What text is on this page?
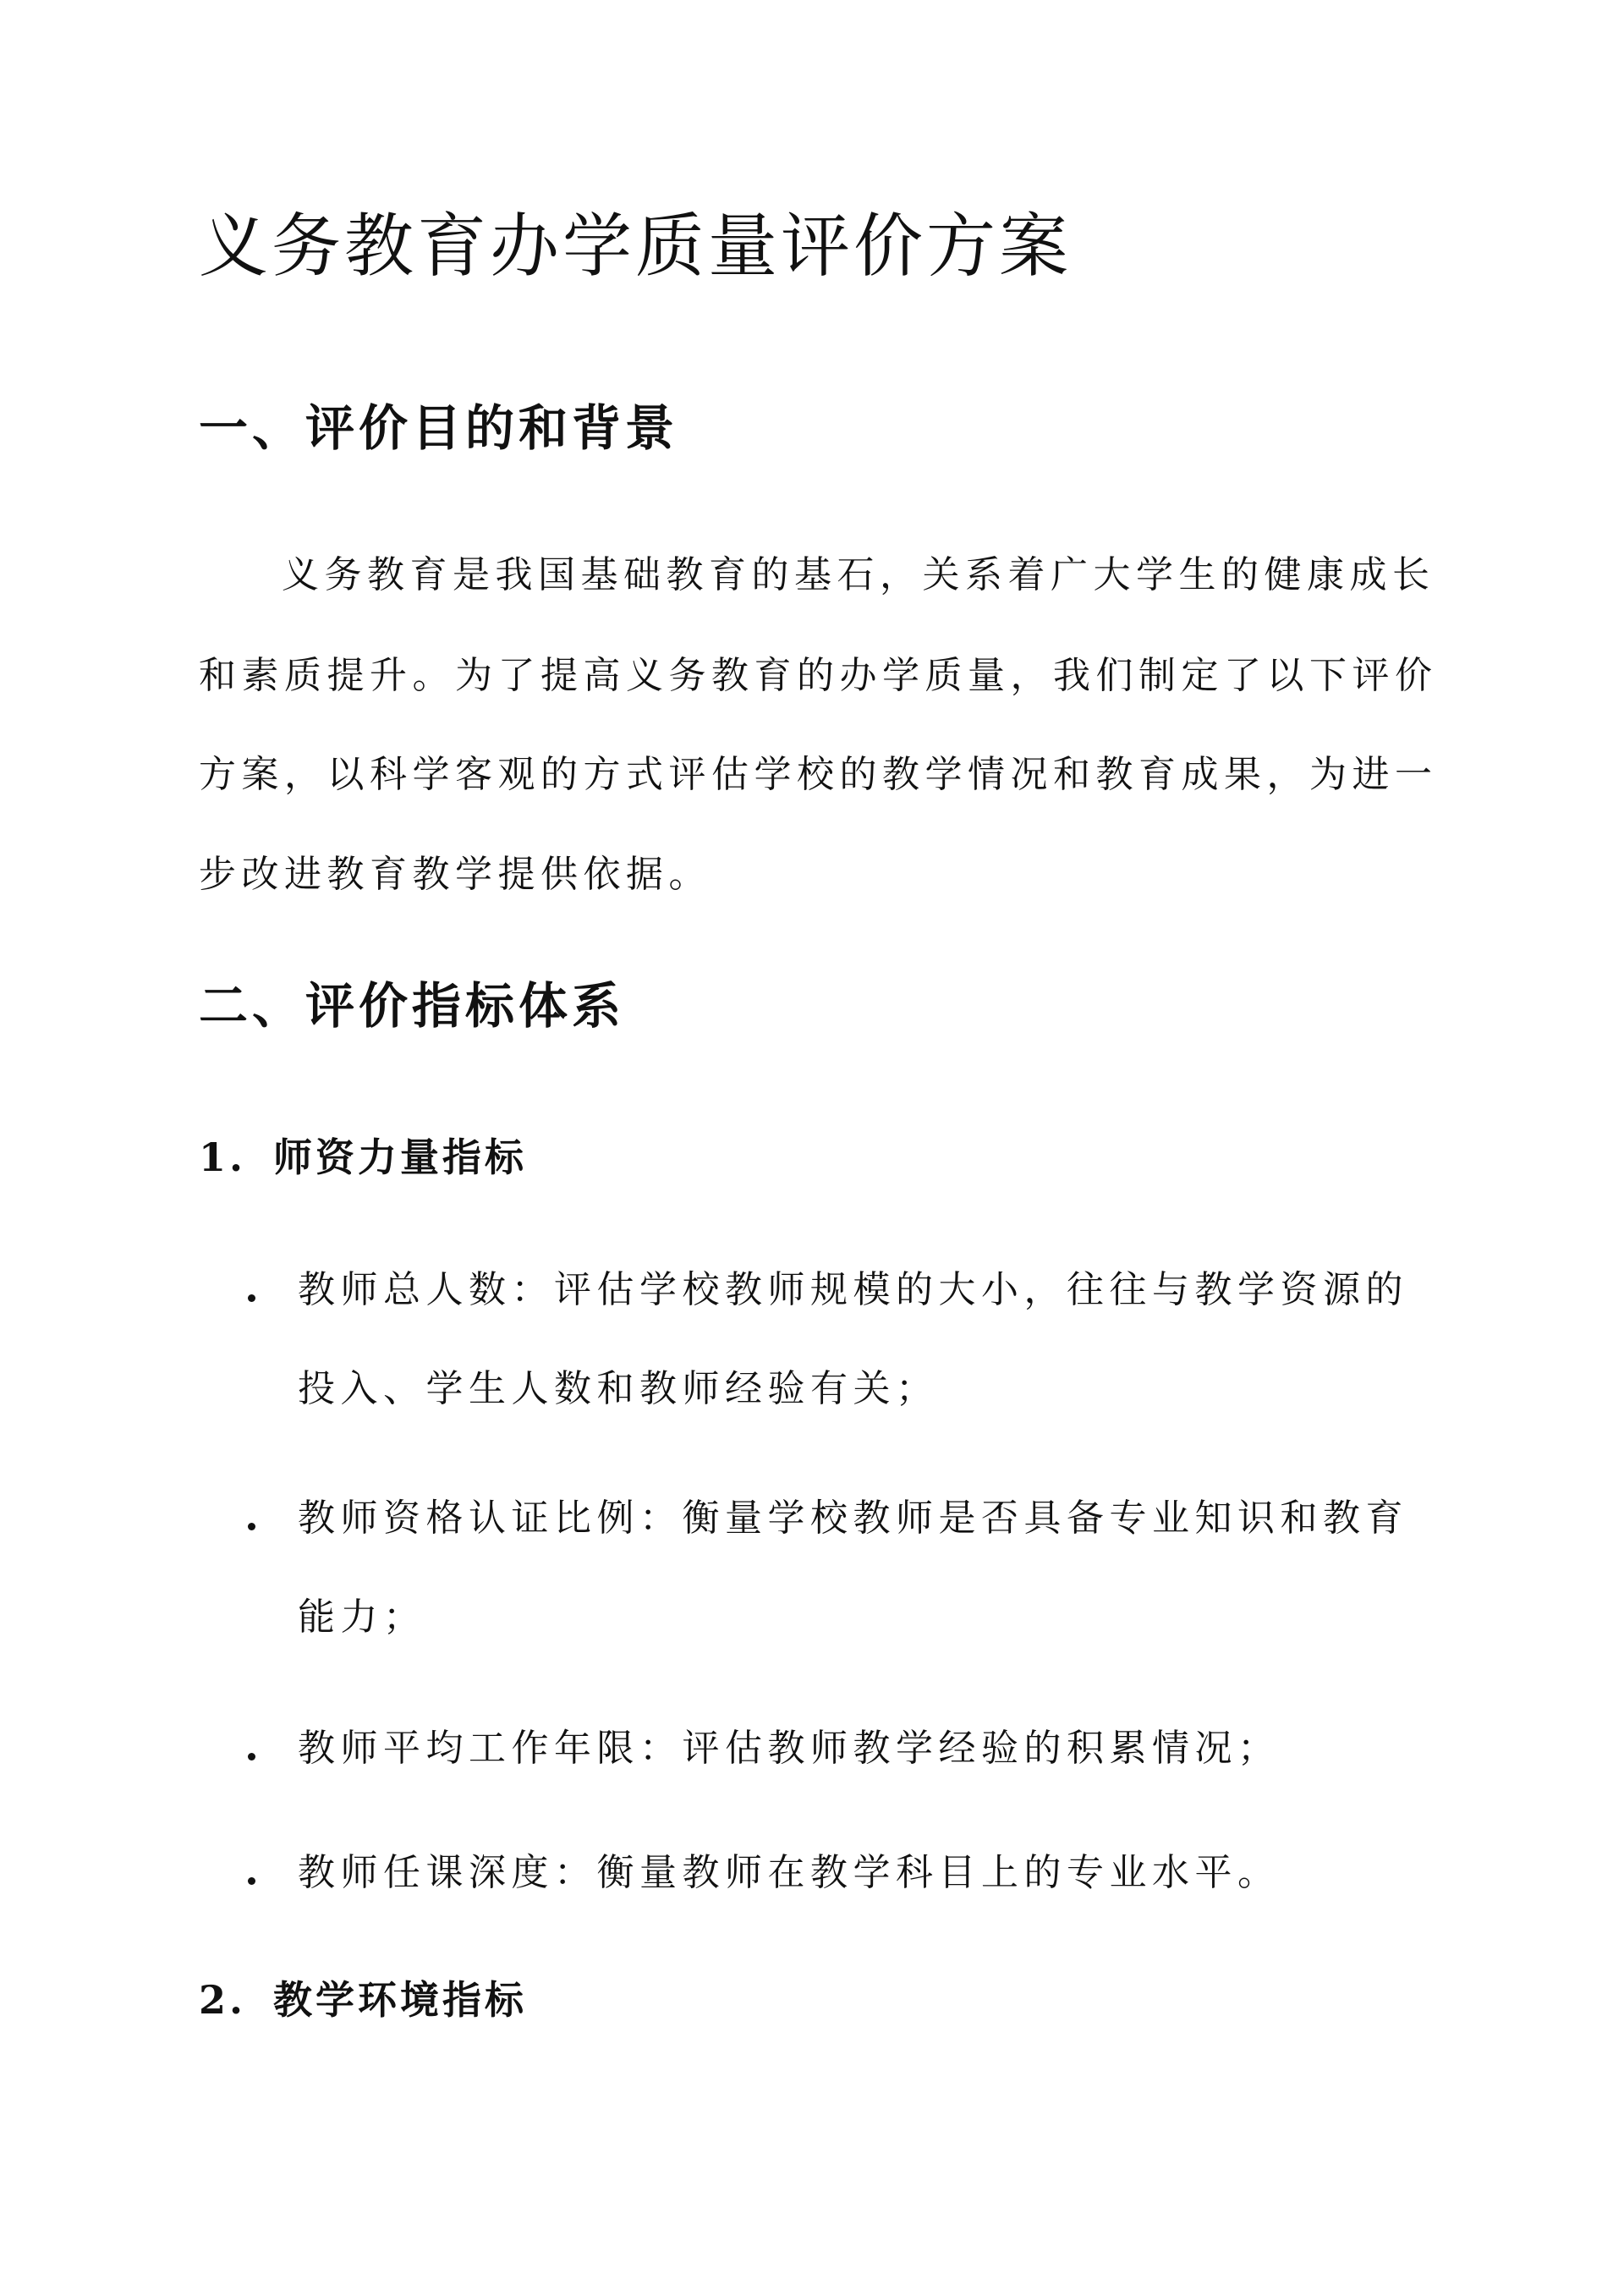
义务教育办学质量评价方案
一、评价目的和背景
义务教育是我国基础教育的基石，关系着广大学生的健康成长
和素质提升。为了提高义务教育的办学质量，我们制定了以下评价
方案，以科学客观的方式评估学校的教学情况和教育成果，为进一
步改进教育教学提供依据。
二、评价指标体系
1. 师资力量指标
教师总人数：评估学校教师规模的大小，往往与教学资源的
投入、学生人数和教师经验有关；
教师资格认证比例：衡量学校教师是否具备专业知识和教育
能力；
教师平均工作年限：评估教师教学经验的积累情况；
教师任课深度：衡量教师在教学科目上的专业水平。
2. 教学环境指标
